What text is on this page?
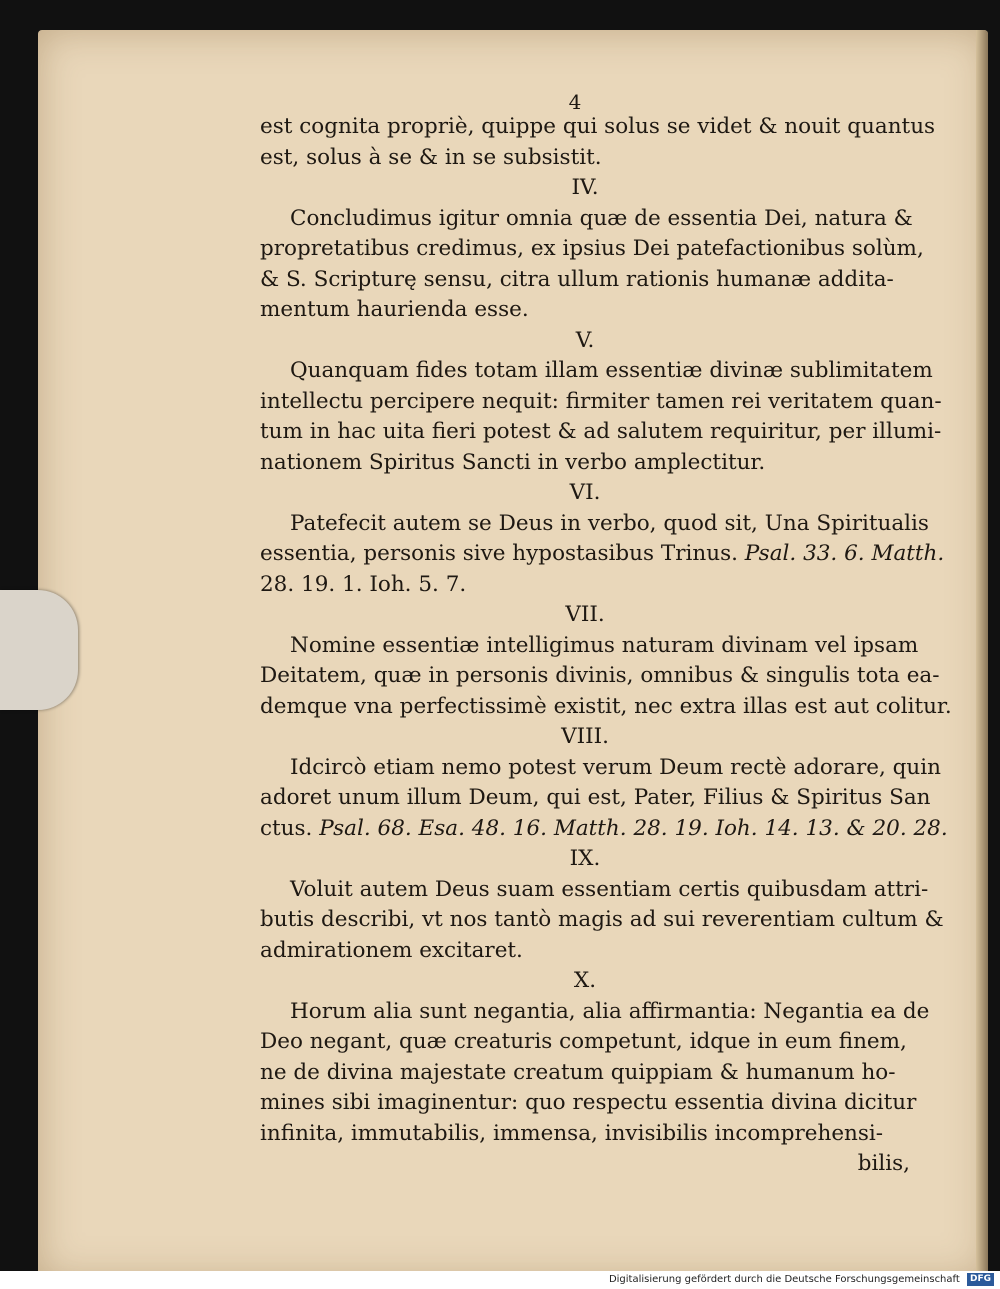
4
est cognita propriè, quippe qui solus se videt & nouit quantus
est, solus à se & in se subsistit.
IV.
Concludimus igitur omnia quæ de essentia Dei, natura &
propretatibus credimus, ex ipsius Dei patefactionibus solùm,
& S. Scripturę sensu, citra ullum rationis humanæ addita-
mentum haurienda esse.
V.
Quanquam fides totam illam essentiæ divinæ sublimitatem
intellectu percipere nequit: firmiter tamen rei veritatem quan-
tum in hac uita fieri potest & ad salutem requiritur, per illumi-
nationem Spiritus Sancti in verbo amplectitur.
VI.
Patefecit autem se Deus in verbo, quod sit, Una Spiritualis
essentia, personis sive hypostasibus Trinus. Psal. 33. 6. Matth.
28. 19. 1. Ioh. 5. 7.
VII.
Nomine essentiæ intelligimus naturam divinam vel ipsam
Deitatem, quæ in personis divinis, omnibus & singulis tota ea-
demque vna perfectissimè existit, nec extra illas est aut colitur.
VIII.
Idcircò etiam nemo potest verum Deum rectè adorare, quin
adoret unum illum Deum, qui est, Pater, Filius & Spiritus San
ctus. Psal. 68. Esa. 48. 16. Matth. 28. 19. Ioh. 14. 13. & 20. 28.
IX.
Voluit autem Deus suam essentiam certis quibusdam attri-
butis describi, vt nos tantò magis ad sui reverentiam cultum &
admirationem excitaret.
X.
Horum alia sunt negantia, alia affirmantia: Negantia ea de
Deo negant, quæ creaturis competunt, idque in eum finem,
ne de divina majestate creatum quippiam & humanum ho-
mines sibi imaginentur: quo respectu essentia divina dicitur
infinita, immutabilis, immensa, invisibilis incomprehensi-
bilis,
Digitalisierung gefördert durch die Deutsche Forschungsgemeinschaft DFG
